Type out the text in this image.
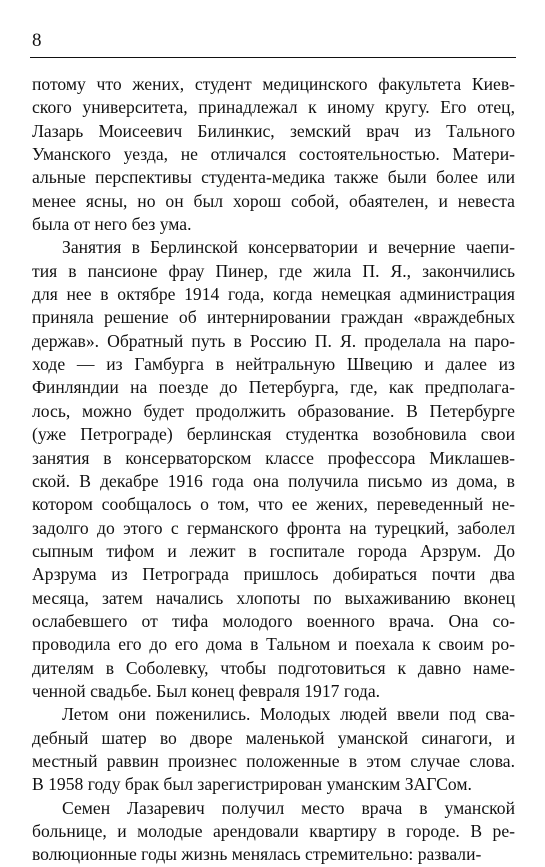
8
потому что жених, студент медицинского факультета Киев-
ского университета, принадлежал к иному кругу. Его отец,
Лазарь Моисеевич Билинкис, земский врач из Тального
Уманского уезда, не отличался состоятельностью. Матери-
альные перспективы студента-медика также были более или
менее ясны, но он был хорош собой, обаятелен, и невеста
была от него без ума.
Занятия в Берлинской консерватории и вечерние чаепи-
тия в пансионе фрау Пинер, где жила П. Я., закончились
для нее в октябре 1914 года, когда немецкая администрация
приняла решение об интернировании граждан «враждебных
держав». Обратный путь в Россию П. Я. проделала на паро-
ходе — из Гамбурга в нейтральную Швецию и далее из
Финляндии на поезде до Петербурга, где, как предполага-
лось, можно будет продолжить образование. В Петербурге
(уже Петрограде) берлинская студентка возобновила свои
занятия в консерваторском классе профессора Миклашев-
ской. В декабре 1916 года она получила письмо из дома, в
котором сообщалось о том, что ее жених, переведенный не-
задолго до этого с германского фронта на турецкий, заболел
сыпным тифом и лежит в госпитале города Арзрум. До
Арзрума из Петрограда пришлось добираться почти два
месяца, затем начались хлопоты по выхаживанию вконец
ослабевшего от тифа молодого военного врача. Она со-
проводила его до его дома в Тальном и поехала к своим ро-
дителям в Соболевку, чтобы подготовиться к давно наме-
ченной свадьбе. Был конец февраля 1917 года.
Летом они поженились. Молодых людей ввели под сва-
дебный шатер во дворе маленькой уманской синагоги, и
местный раввин произнес положенные в этом случае слова.
В 1958 году брак был зарегистрирован уманским ЗАГСом.
Семен Лазаревич получил место врача в уманской
больнице, и молодые арендовали квартиру в городе. В ре-
волюционные годы жизнь менялась стремительно: развали-
